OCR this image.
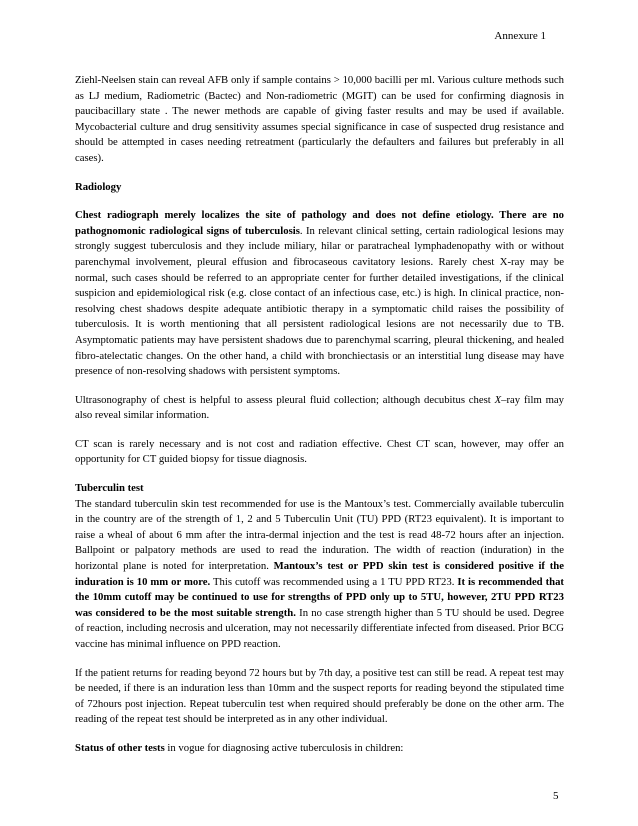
Annexure 1

Ziehl-Neelsen stain can reveal AFB only if sample contains > 10,000 bacilli per ml. Various culture methods such as LJ medium, Radiometric (Bactec) and Non-radiometric (MGIT) can be used for confirming diagnosis in paucibacillary state . The newer methods are capable of giving faster results and may be used if available. Mycobacterial culture and drug sensitivity assumes special significance in case of suspected drug resistance and should be attempted in cases needing retreatment (particularly the defaulters and failures but preferably in all cases).

Radiology

Chest radiograph merely localizes the site of pathology and does not define etiology. There are no pathognomonic radiological signs of tuberculosis. In relevant clinical setting, certain radiological lesions may strongly suggest tuberculosis and they include miliary, hilar or paratracheal lymphadenopathy with or without parenchymal involvement, pleural effusion and fibrocaseous cavitatory lesions. Rarely chest X-ray may be normal, such cases should be referred to an appropriate center for further detailed investigations, if the clinical suspicion and epidemiological risk (e.g. close contact of an infectious case, etc.) is high. In clinical practice, non-resolving chest shadows despite adequate antibiotic therapy in a symptomatic child raises the possibility of tuberculosis. It is worth mentioning that all persistent radiological lesions are not necessarily due to TB. Asymptomatic patients may have persistent shadows due to parenchymal scarring, pleural thickening, and healed fibro-atelectatic changes. On the other hand, a child with bronchiectasis or an interstitial lung disease may have presence of non-resolving shadows with persistent symptoms.

Ultrasonography of chest is helpful to assess pleural fluid collection; although decubitus chest X–ray film may also reveal similar information.

CT scan is rarely necessary and is not cost and radiation effective. Chest CT scan, however, may offer an opportunity for CT guided biopsy for tissue diagnosis.

Tuberculin test

The standard tuberculin skin test recommended for use is the Mantoux’s test. Commercially available tuberculin in the country are of the strength of 1, 2 and 5 Tuberculin Unit (TU) PPD (RT23 equivalent). It is important to raise a wheal of about 6 mm after the intra-dermal injection and the test is read 48-72 hours after an injection. Ballpoint or palpatory methods are used to read the induration. The width of reaction (induration) in the horizontal plane is noted for interpretation. Mantoux’s test or PPD skin test is considered positive if the induration is 10 mm or more. This cutoff was recommended using a 1 TU PPD RT23. It is recommended that the 10mm cutoff may be continued to use for strengths of PPD only up to 5TU, however, 2TU PPD RT23 was considered to be the most suitable strength. In no case strength higher than 5 TU should be used. Degree of reaction, including necrosis and ulceration, may not necessarily differentiate infected from diseased. Prior BCG vaccine has minimal influence on PPD reaction.

If the patient returns for reading beyond 72 hours but by 7th day, a positive test can still be read. A repeat test may be needed, if there is an induration less than 10mm and the suspect reports for reading beyond the stipulated time of 72hours post injection. Repeat tuberculin test when required should preferably be done on the other arm. The reading of the repeat test should be interpreted as in any other individual.

Status of other tests in vogue for diagnosing active tuberculosis in children:

5
